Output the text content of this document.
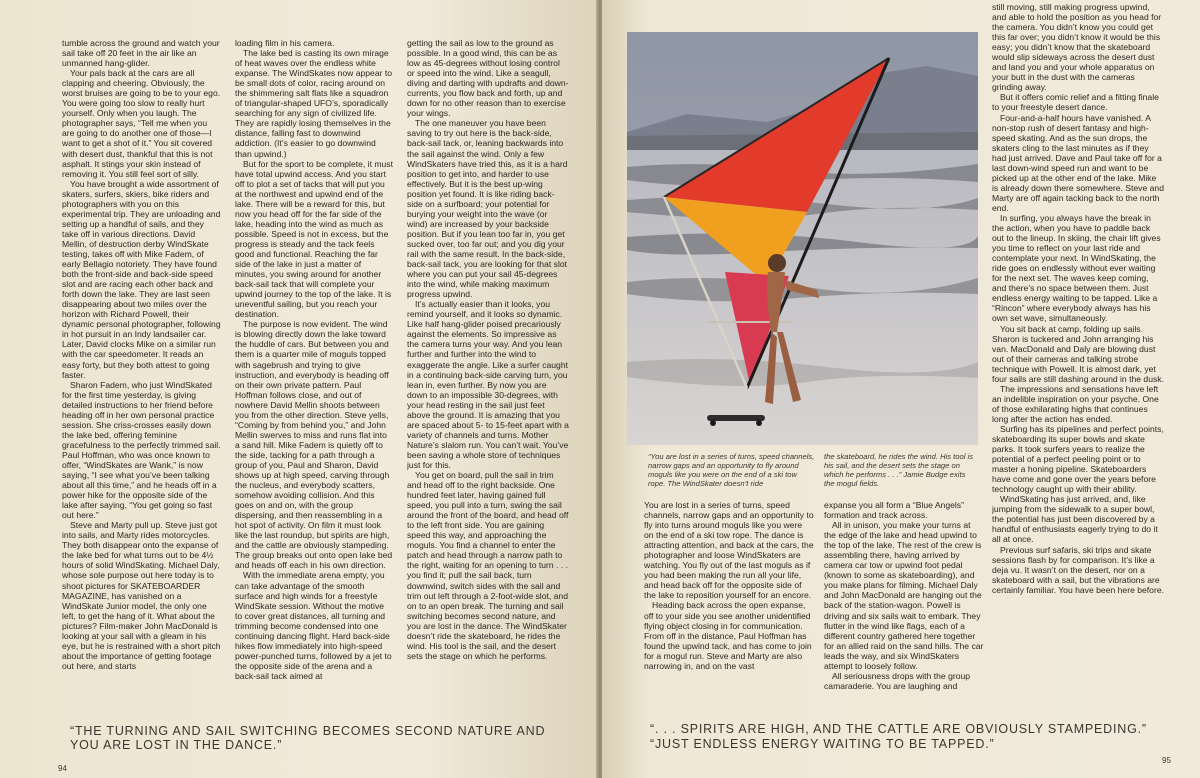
tumble across the ground and watch your sail take off 20 feet in the air like an unmanned hang-glider.

Your pals back at the cars are all clapping and cheering. Obviously, the worst bruises are going to be to your ego. You were going too slow to really hurt yourself. Only when you laugh. The photographer says, “Tell me when you are going to do another one of those—I want to get a shot of it.” You sit covered with desert dust, thankful that this is not asphalt. It stings your skin instead of removing it. You still feel sort of silly.

You have brought a wide assortment of skaters, surfers, skiers, bike riders and photographers with you on this experimental trip. They are unloading and setting up a handful of sails, and they take off in various directions. David Mellin, of destruction derby WindSkate testing, takes off with Mike Fadem, of early Bellagio notoriety. They have found both the front-side and back-side speed slot and are racing each other back and forth down the lake. They are last seen disappearing about two miles over the horizon with Richard Powell, their dynamic personal photographer, following in hot pursuit in an Indy landsailer car. Later, David clocks Mike on a similar run with the car speedometer. It reads an easy forty, but they both attest to going faster.

Sharon Fadem, who just WindSkated for the first time yesterday, is giving detailed instructions to her friend before heading off in her own personal practice session. She criss-crosses easily down the lake bed, offering feminine gracefulness to the perfectly trimmed sail. Paul Hoffman, who was once known to offer, “WindSkates are Wank,” is now saying, “I see what you’ve been talking about all this time,” and he heads off in a power hike for the opposite side of the lake after saying, “You get going so fast out here.”

Steve and Marty pull up. Steve just got into sails, and Marty rides motorcycles. They both disappear onto the expanse of the lake bed for what turns out to be 4½ hours of solid WindSkating. Michael Daly, whose sole purpose out here today is to shoot pictures for SKATEBOARDER MAGAZINE, has vanished on a WindSkate Junior model, the only one left, to get the hang of it. What about the pictures? Film-maker John MacDonald is looking at your sail with a gleam in his eye, but he is restrained with a short pitch about the importance of getting footage out here, and starts

loading film in his camera.

The lake bed is casting its own mirage of heat waves over the endless white expanse. The WindSkates now appear to be small dots of color, racing around on the shimmering salt flats like a squadron of triangular-shaped UFO’s, sporadically searching for any sign of civilized life. They are rapidly losing themselves in the distance, falling fast to downwind addiction. (It’s easier to go downwind than upwind.)

But for the sport to be complete, it must have total upwind access. And you start off to plot a set of tacks that will put you at the northwest and upwind end of the lake. There will be a reward for this, but now you head off for the far side of the lake, heading into the wind as much as possible. Speed is not in excess, but the progress is steady and the tack feels good and functional. Reaching the far side of the lake in just a matter of minutes, you swing around for another back-sail tack that will complete your upwind journey to the top of the lake. It is uneventful sailing, but you reach your destination.

The purpose is now evident. The wind is blowing directly down the lake toward the huddle of cars. But between you and them is a quarter mile of moguls topped with sagebrush and trying to give instruction, and everybody is heading off on their own private pattern. Paul Hoffman follows close, and out of nowhere David Mellin shoots between you from the other direction. Steve yells, “Coming by from behind you,” and John Mellin swerves to miss and runs flat into a sand hill. Mike Fadem is quietly off to the side, tacking for a path through a group of you, Paul and Sharon, David shows up at high speed, carving through the nucleus, and everybody scatters, somehow avoiding collision. And this goes on and on, with the group dispersing, and then reassembling in a hot spot of activity. On film it must look like the last roundup, but spirits are high, and the cattle are obviously stampeding. The group breaks out onto open lake bed and heads off each in his own direction.

With the immediate arena empty, you can take advantage of the smooth surface and high winds for a freestyle WindSkate session. Without the motive to cover great distances, all turning and trimming become condensed into one continuing dancing flight. Hard back-side hikes flow immediately into high-speed power-punched turns, followed by a jet to the opposite side of the arena and a back-sail tack aimed at

getting the sail as low to the ground as possible. In a good wind, this can be as low as 45-degrees without losing control or speed into the wind. Like a seagull, diving and darting with updrafts and down-currents, you flow back and forth, up and down for no other reason than to exercise your wings.

The one maneuver you have been saving to try out here is the back-side, back-sail tack, or, leaning backwards into the sail against the wind. Only a few WindSkaters have tried this, as it is a hard position to get into, and harder to use effectively. But it is the best up-wing position yet found. It is like riding back-side on a surfboard; your potential for burying your weight into the wave (or wind) are increased by your backside position. But if you lean too far in, you get sucked over, too far out; and you dig your rail with the same result. In the back-side, back-sail tack, you are looking for that slot where you can put your sail 45-degrees into the wind, while making maximum progress upwind.

It’s actually easier than it looks, you remind yourself, and it looks so dynamic. Like half hang-glider poised precariously against the elements. So impressive as the camera turns your way. And you lean further and further into the wind to exaggerate the angle. Like a surfer caught in a continuing back-side carving turn, you lean in, even further. By now you are down to an impossible 30-degrees, with your head resting in the sail just feet above the ground. It is amazing that you are spaced about 5- to 15-feet apart with a variety of channels and turns. Mother Nature’s slalom run. You can’t wait. You’ve been saving a whole store of techniques just for this.

You get on board, pull the sail in trim and head off to the right backside. One hundred feet later, having gained full speed, you pull into a turn, swing the sail around the front of the board, and head off to the left front side. You are gaining speed this way, and approaching the moguls. You find a channel to enter the patch and head through a narrow path to the right, waiting for an opening to turn . . . you find it; pull the sail back, turn downwind, switch sides with the sail and trim out left through a 2-foot-wide slot, and on to an open break. The turning and sail switching becomes second nature, and you are lost in the dance. The WindSkater doesn’t ride the skateboard, he rides the wind. His tool is the sail, and the desert sets the stage on which he performs.

“THE TURNING AND SAIL SWITCHING BECOMES SECOND NATURE AND YOU ARE LOST IN THE DANCE.”
94
“You are lost in a series of turns, speed channels, narrow gaps and an opportunity to fly around moguls like you were on the end of a ski tow rope. The WindSkater doesn’t ride
the skateboard, he rides the wind. His tool is his sail, and the desert sets the stage on which he performs . . .” Jamie Budge exits the mogul fields.

You are lost in a series of turns, speed channels, narrow gaps and an opportunity to fly into turns around moguls like you were on the end of a ski tow rope. The dance is attracting attention, and back at the cars, the photographer and loose WindSkaters are watching. You fly out of the last moguls as if you had been making the run all your life, and head back off for the opposite side of the lake to reposition yourself for an encore.

Heading back across the open expanse, off to your side you see another unidentified flying object closing in for communication. From off in the distance, Paul Hoffman has found the upwind tack, and has come to join for a mogul run. Steve and Marty are also narrowing in, and on the vast

expanse you all form a “Blue Angels” formation and track across.

All in unison, you make your turns at the edge of the lake and head upwind to the top of the lake. The rest of the crew is assembling there, having arrived by camera car tow or upwind foot pedal (known to some as skateboarding), and you make plans for filming. Michael Daly and John MacDonald are hanging out the back of the station-wagon. Powell is driving and six sails wait to embark. They flutter in the wind like flags, each of a different country gathered here together for an allied raid on the sand hills. The car leads the way, and six WindSkaters attempt to loosely follow.

All seriousness drops with the group camaraderie. You are laughing and

still moving, still making progress upwind, and able to hold the position as you head for the camera. You didn’t know you could get this far over; you didn’t know it would be this easy; you didn’t know that the skateboard would slip sideways across the desert dust and land you and your whole apparatus on your butt in the dust with the cameras grinding away.

But it offers comic relief and a fitting finale to your freestyle desert dance.

Four-and-a-half hours have vanished. A non-stop rush of desert fantasy and high-speed skating. And as the sun drops, the skaters cling to the last minutes as if they had just arrived. Dave and Paul take off for a last down-wind speed run and want to be picked up at the other end of the lake. Mike is already down there somewhere. Steve and Marty are off again tacking back to the north end.

In surfing, you always have the break in the action, when you have to paddle back out to the lineup. In skiing, the chair lift gives you time to reflect on your last ride and contemplate your next. In WindSkating, the ride goes on endlessly without ever waiting for the next set. The waves keep coming, and there’s no space between them. Just endless energy waiting to be tapped. Like a “Rincon” where everybody always has his own set wave, simultaneously.

You sit back at camp, folding up sails. Sharon is tuckered and John arranging his van. MacDonald and Daly are blowing dust out of their cameras and talking strobe technique with Powell. It is almost dark, yet four sails are still dashing around in the dusk.

The impressions and sensations have left an indelible inspiration on your psyche. One of those exhilarating highs that continues long after the action has ended.

Surfing has its pipelines and perfect points, skateboarding its super bowls and skate parks. It took surfers years to realize the potential of a perfect peeling point or to master a honing pipeline. Skateboarders have come and gone over the years before technology caught up with their ability.

WindSkating has just arrived, and, like jumping from the sidewalk to a super bowl, the potential has just been discovered by a handful of enthusiasts eagerly trying to do it all at once.

Previous surf safaris, ski trips and skate sessions flash by for comparison. It’s like a deja vu. It wasn’t on the desert, nor on a skateboard with a sail, but the vibrations are certainly familiar. You have been here before.

“. . . SPIRITS ARE HIGH, AND THE CATTLE ARE OBVIOUSLY STAMPEDING.”
“JUST ENDLESS ENERGY WAITING TO BE TAPPED.”
95
